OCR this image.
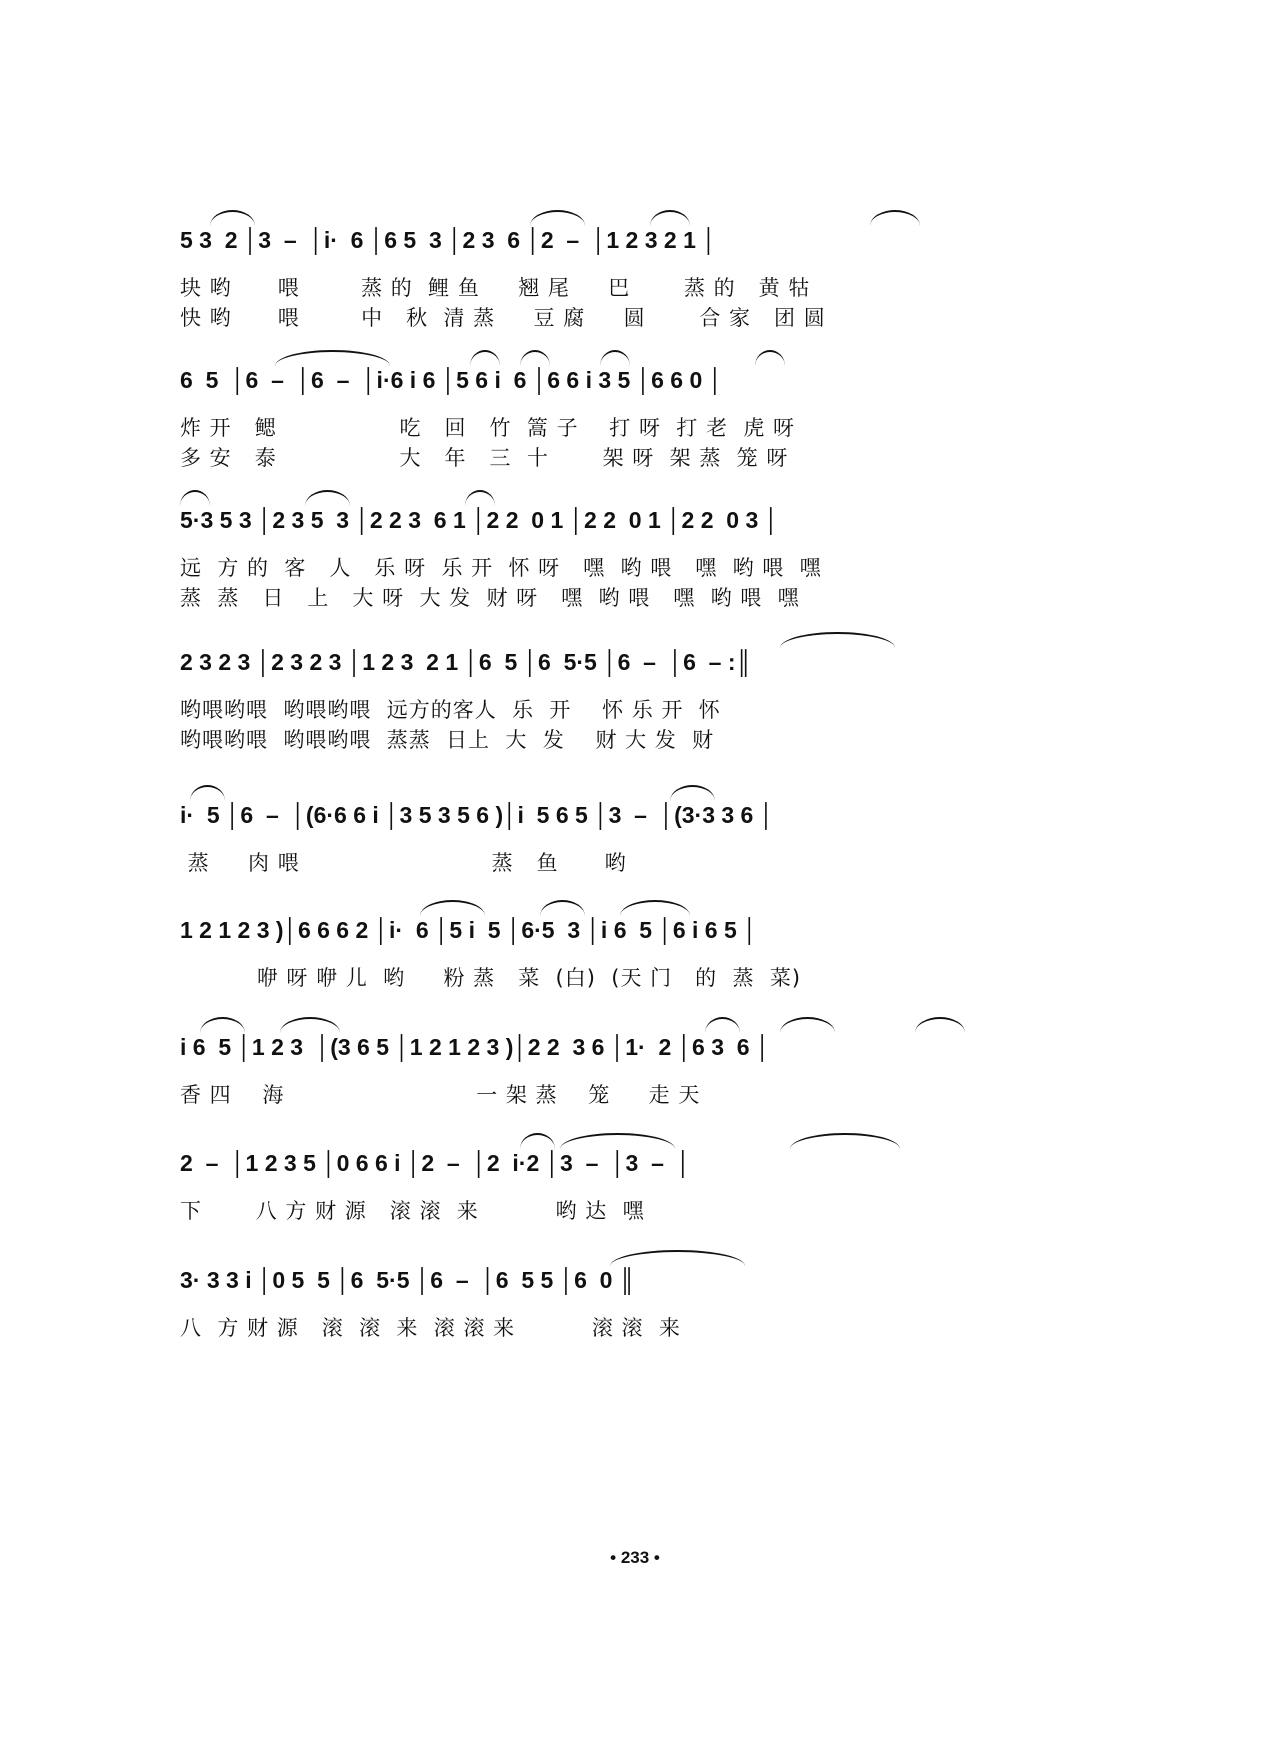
5 3  2 │3  –  │i·  6 │6 5  3 │2 3  6 │2  –  │1 2 3 2 1 │
块 哟      喂        蒸 的  鲤 鱼     翘 尾     巴       蒸 的   黄 牯
快 哟      喂        中   秋  清 蒸     豆 腐     圆       合 家   团 圆
6  5  │6  –  │6  –  │i·6 i 6 │5 6 i  6 │6 6 i 3 5 │6 6 0 │
炸 开   鳃                吃   回   竹  篙 子    打 呀  打 老  虎 呀
多 安   泰                大   年   三  十       架 呀  架 蒸  笼 呀
5·3 5 3 │2 3 5  3 │2 2 3  6 1 │2 2  0 1 │2 2  0 1 │2 2  0 3 │
远  方 的  客   人   乐 呀  乐 开  怀 呀   嘿  哟 喂   嘿  哟 喂  嘿
蒸  蒸   日   上   大 呀  大 发  财 呀   嘿  哟 喂   嘿  哟 喂  嘿
2 3 2 3 │2 3 2 3 │1 2 3  2 1 │6  5 │6  5·5 │6  –  │6  – :║
哟喂哟喂  哟喂哟喂  远方的客人  乐  开    怀 乐 开  怀
哟喂哟喂  哟喂哟喂  蒸蒸  日上  大  发    财 大 发  财
i·  5 │6  –  │(6·6 6 i │3 5 3 5 6 )│i  5 6 5 │3  –  │(3·3 3 6 │
蒸     肉 喂                         蒸   鱼      哟
1 2 1 2 3 )│6 6 6 2 │i·  6 │5 i  5 │6·5  3 │i 6  5 │6 i 6 5 │
咿 呀 咿 儿  哟     粉 蒸   菜  (白)  (天 门   的  蒸  菜)
i 6  5 │1 2 3  │(3 6 5 │1 2 1 2 3 )│2 2  3 6 │1·  2 │6 3  6 │
香 四    海                         一 架 蒸    笼     走 天
2  –  │1 2 3 5 │0 6 6 i │2  –  │2  i·2 │3  –  │3  –  │
下       八 方 财 源   滚 滚  来          哟 达  嘿
3· 3 3 i │0 5  5 │6  5·5 │6  –  │6  5 5 │6  0 ║
八  方 财 源   滚  滚  来  滚 滚 来          滚 滚  来
• 233 •
